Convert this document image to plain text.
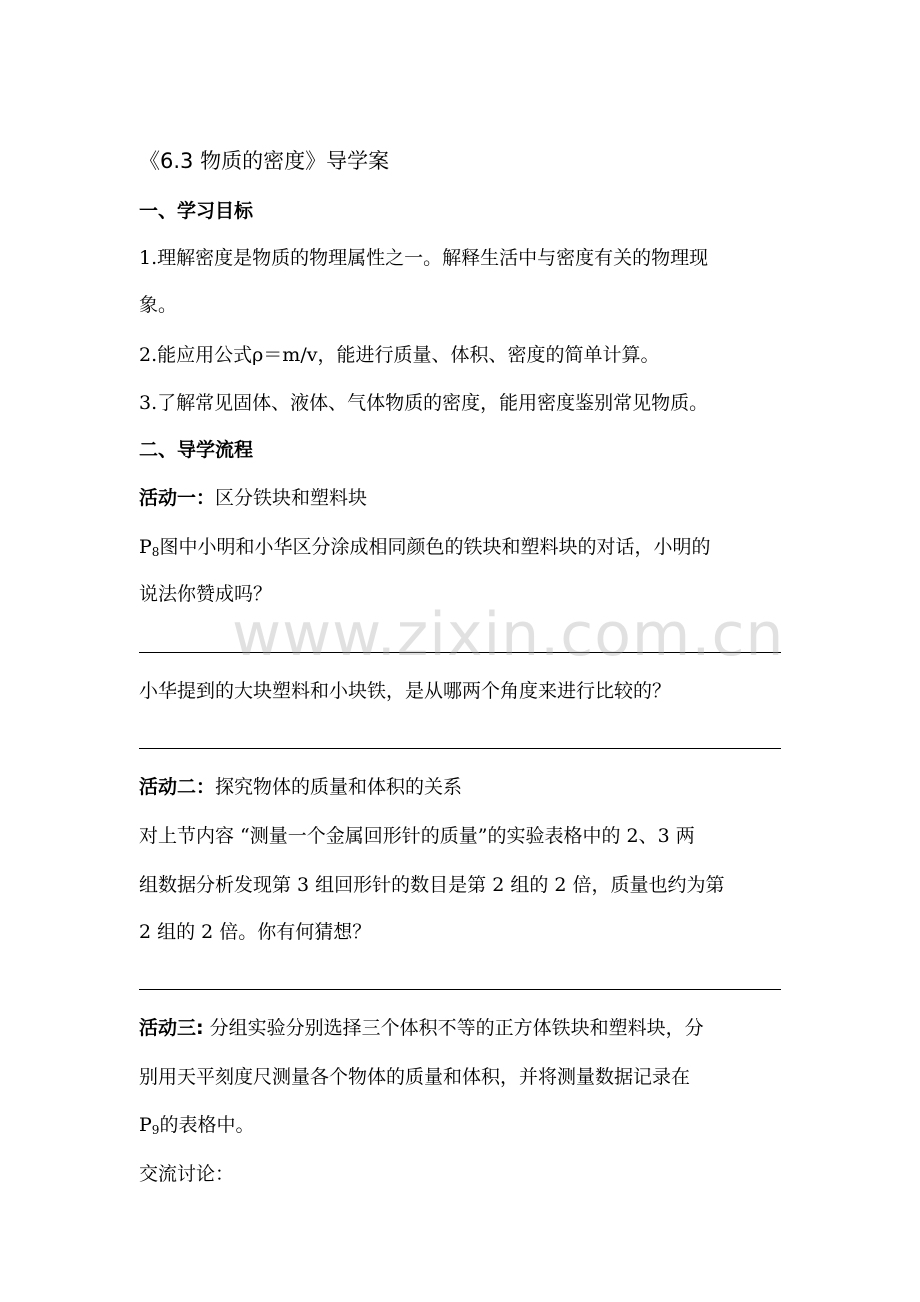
《6.3 物质的密度》导学案
一、学习目标
1.理解密度是物质的物理属性之一。解释生活中与密度有关的物理现
象。
2.能应用公式ρ＝m/v，能进行质量、体积、密度的简单计算。
3.了解常见固体、液体、气体物质的密度，能用密度鉴别常见物质。
二、导学流程
活动一：区分铁块和塑料块
$P_8$图中小明和小华区分涂成相同颜色的铁块和塑料块的对话，小明的
说法你赞成吗？
小华提到的大块塑料和小块铁，是从哪两个角度来进行比较的？
活动二：探究物体的质量和体积的关系
对上节内容 “测量一个金属回形针的质量”的实验表格中的 2、3 两
组数据分析发现第 3 组回形针的数目是第 2 组的 2 倍，质量也约为第
2 组的 2 倍。你有何猜想？
活动三: 分组实验分别选择三个体积不等的正方体铁块和塑料块，分
别用天平刻度尺测量各个物体的质量和体积，并将测量数据记录在
$P_9$的表格中。
交流讨论：
www.zixin.com.cn
